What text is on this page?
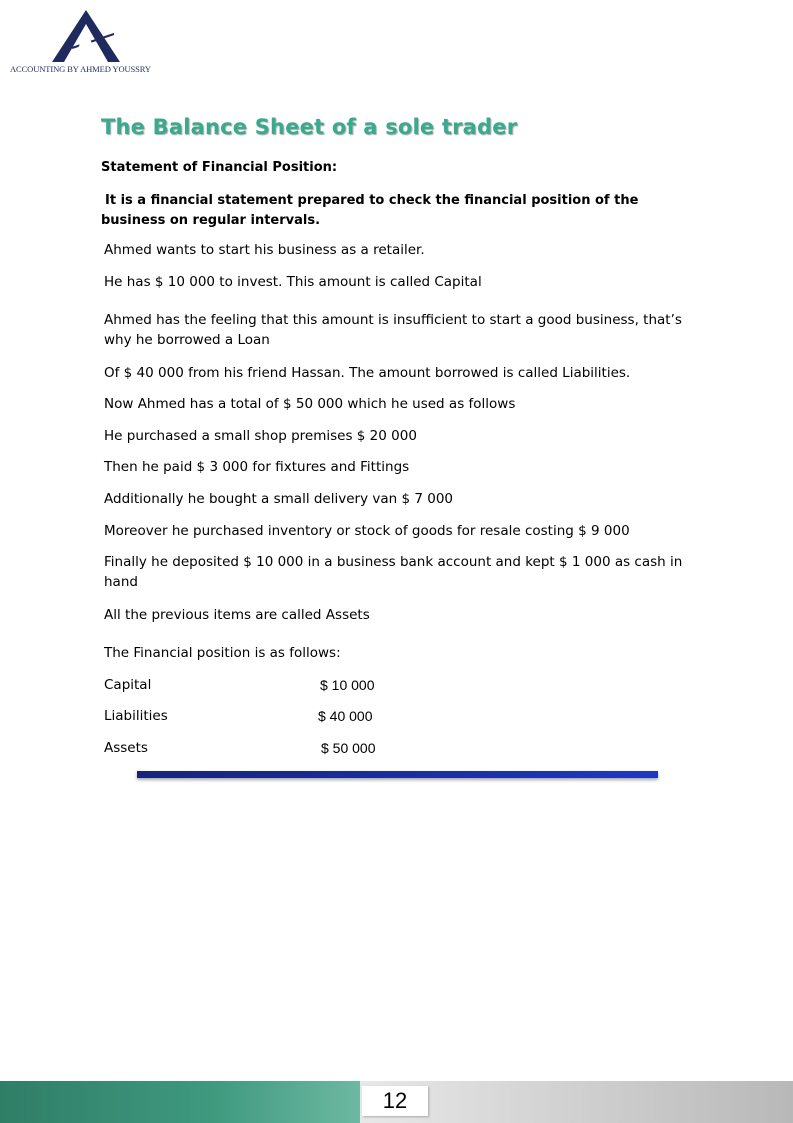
ACCOUNTING BY AHMED YOUSSRY
The Balance Sheet of a sole trader
Statement of Financial Position:
It is a financial statement prepared to check the financial position of the business on regular intervals.
Ahmed wants to start his business as a retailer.
He has $ 10 000 to invest. This amount is called Capital
Ahmed has the feeling that this amount is insufficient to start a good business, that’s why he borrowed a Loan
Of $ 40 000 from his friend Hassan. The amount borrowed is called Liabilities.
Now Ahmed has a total of $ 50 000 which he used as follows
He purchased a small shop premises $ 20 000
Then he paid $ 3 000 for fixtures and Fittings
Additionally he bought a small delivery van $ 7 000
Moreover he purchased inventory or stock of goods for resale costing $ 9 000
Finally he deposited $ 10 000 in a business bank account and kept $ 1 000 as cash in hand
All the previous items are called Assets
The Financial position is as follows:
Capital	$ 10 000
Liabilities	$ 40 000
Assets	$ 50 000
12
